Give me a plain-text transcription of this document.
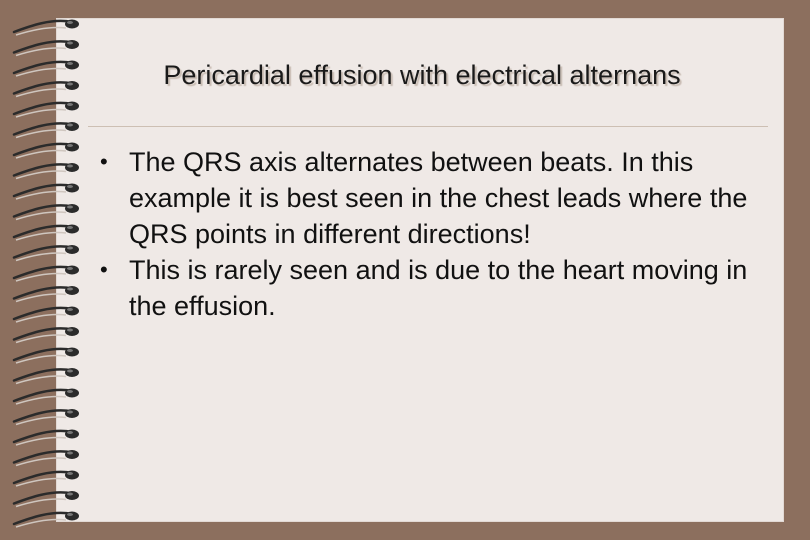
Pericardial effusion with electrical alternans
• The QRS axis alternates between beats. In this example it is best seen in the chest leads where the QRS points in different directions!
• This is rarely seen and is due to the heart moving in the effusion.
